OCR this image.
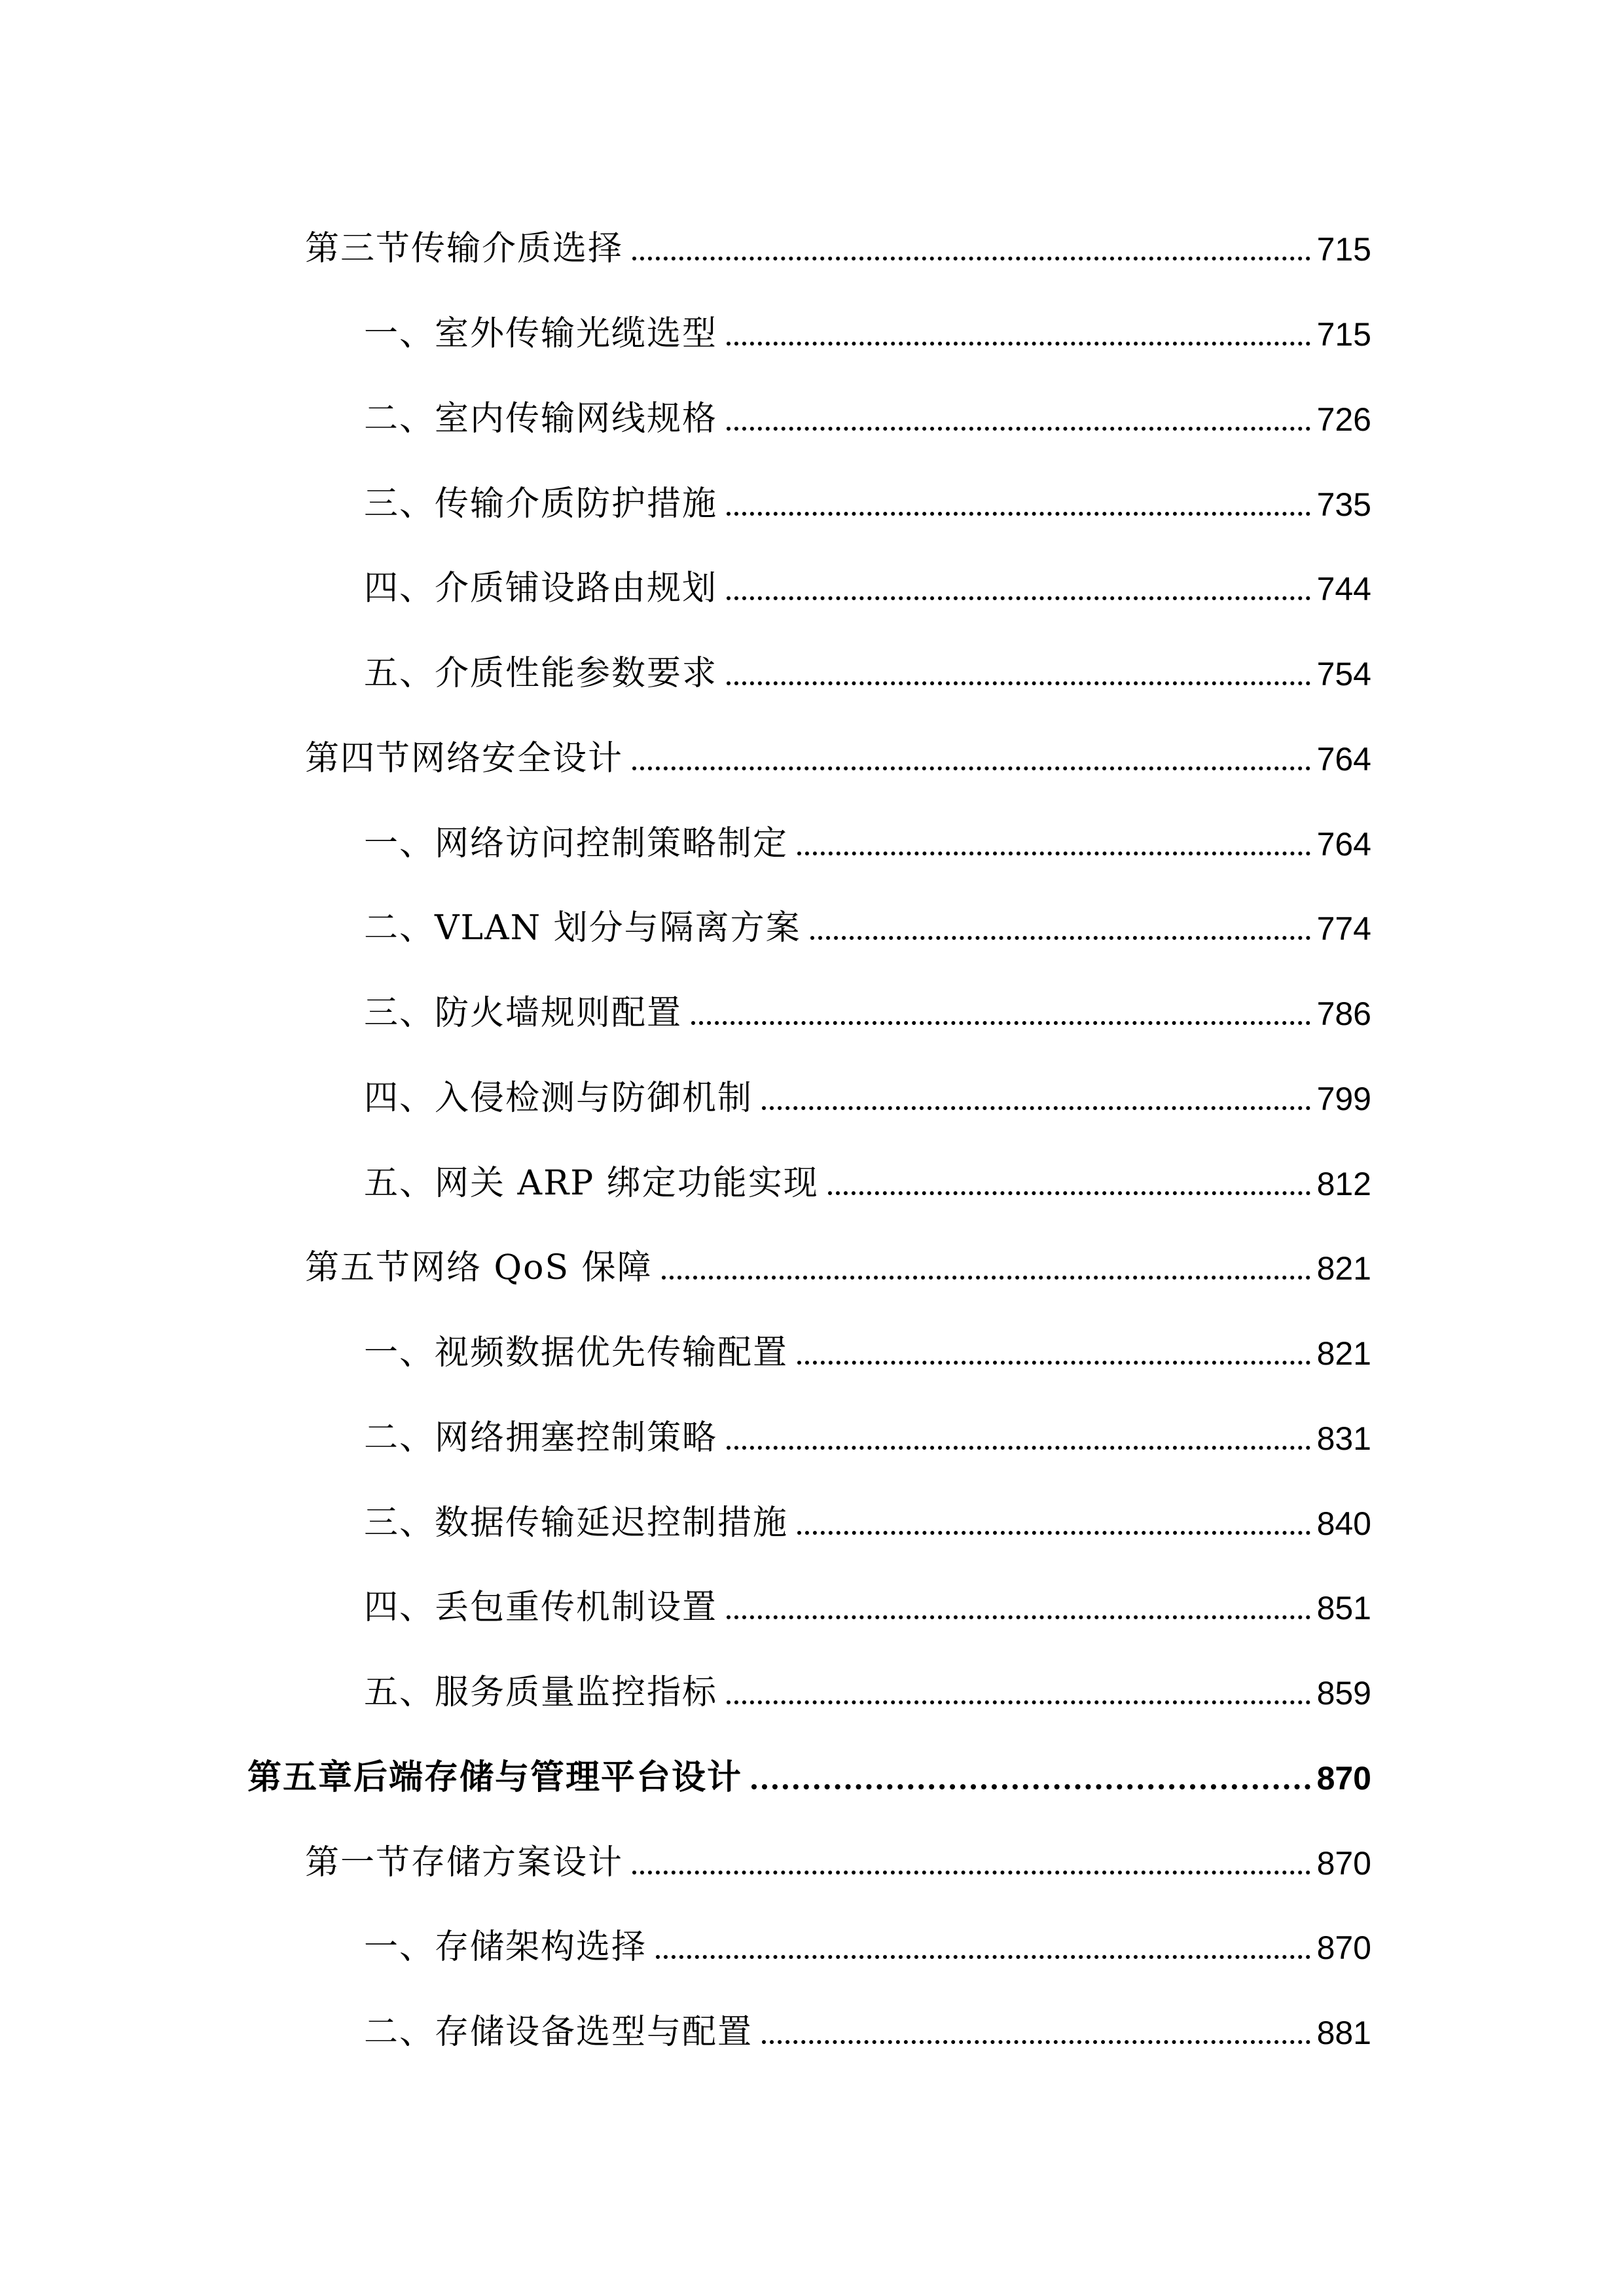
第三节传输介质选择	715
一、室外传输光缆选型	715
二、室内传输网线规格	726
三、传输介质防护措施	735
四、介质铺设路由规划	744
五、介质性能参数要求	754
第四节网络安全设计	764
一、网络访问控制策略制定	764
二、VLAN 划分与隔离方案	774
三、防火墙规则配置	786
四、入侵检测与防御机制	799
五、网关 ARP 绑定功能实现	812
第五节网络 QoS 保障	821
一、视频数据优先传输配置	821
二、网络拥塞控制策略	831
三、数据传输延迟控制措施	840
四、丢包重传机制设置	851
五、服务质量监控指标	859
第五章后端存储与管理平台设计	870
第一节存储方案设计	870
一、存储架构选择	870
二、存储设备选型与配置	881
